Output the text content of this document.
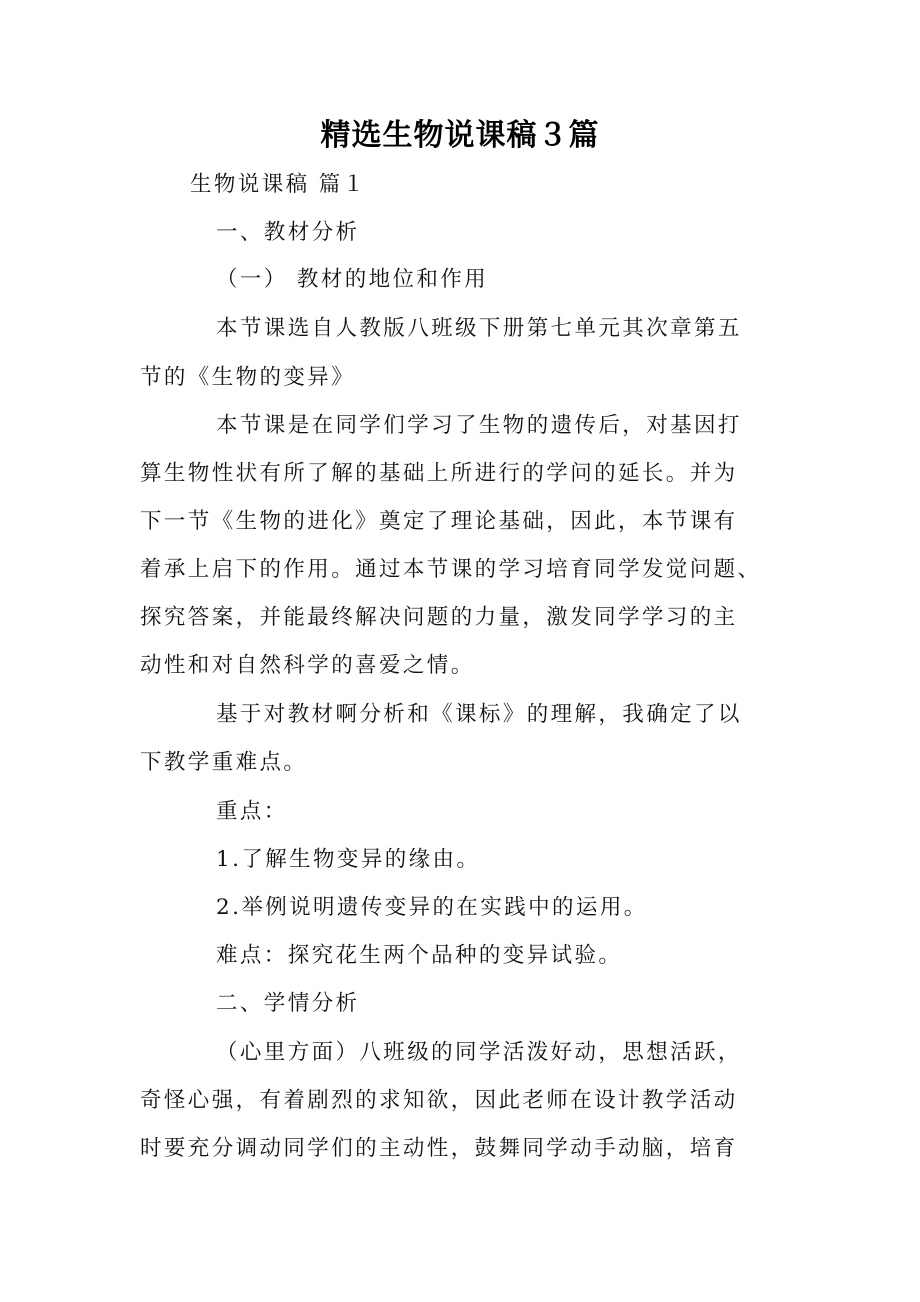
精选生物说课稿３篇
生物说课稿 篇１
一、教材分析
（一） 教材的地位和作用
本节课选自人教版八班级下册第七单元其次章第五
节的《生物的变异》
本节课是在同学们学习了生物的遗传后，对基因打
算生物性状有所了解的基础上所进行的学问的延长。并为
下一节《生物的进化》奠定了理论基础，因此，本节课有
着承上启下的作用。通过本节课的学习培育同学发觉问题、
探究答案，并能最终解决问题的力量，激发同学学习的主
动性和对自然科学的喜爱之情。
基于对教材啊分析和《课标》的理解，我确定了以
下教学重难点。
重点：
1.了解生物变异的缘由。
2.举例说明遗传变异的在实践中的运用。
难点：探究花生两个品种的变异试验。
二、学情分析
（心里方面）八班级的同学活泼好动，思想活跃，
奇怪心强，有着剧烈的求知欲，因此老师在设计教学活动
时要充分调动同学们的主动性，鼓舞同学动手动脑，培育
